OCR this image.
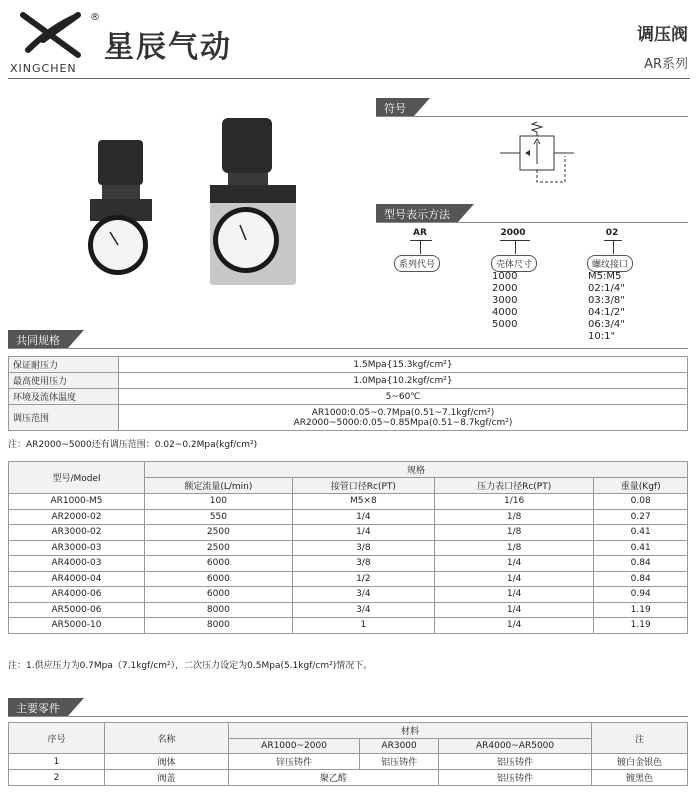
®
XINGCHEN
星辰气动	调压阀
AR系列
符号
型号表示方法
AR
系列代号
2000
壳体尺寸
1000
2000
3000
4000
5000
02
螺纹接口
M5:M5
02:1/4"
03:3/8"
04:1/2"
06:3/4"
10:1"
共同规格
保证耐压力	1.5Mpa{15.3kgf/cm²}
最高使用压力	1.0Mpa{10.2kgf/cm²}
环境及流体温度	5~60℃
调压范围	AR1000:0.05~0.7Mpa(0.51~7.1kgf/cm²)
AR2000~5000:0.05~0.85Mpa(0.51~8.7kgf/cm²)
注：AR2000~5000还有调压范围：0.02~0.2Mpa(kgf/cm²)
型号/Model	规格			
	额定流量(L/min)	接管口径Rc(PT)	压力表口径Rc(PT)	重量(Kgf)
AR1000-M5	100	M5×8	1/16	0.08
AR2000-02	550	1/4	1/8	0.27
AR3000-02	2500	1/4	1/8	0.41
AR3000-03	2500	3/8	1/8	0.41
AR4000-03	6000	3/8	1/4	0.84
AR4000-04	6000	1/2	1/4	0.84
AR4000-06	6000	3/4	1/4	0.94
AR5000-06	8000	3/4	1/4	1.19
AR5000-10	8000	1	1/4	1.19
注：1.供应压力为0.7Mpa（7.1kgf/cm²），二次压力设定为0.5Mpa(5.1kgf/cm²)情况下。
主要零件
序号	名称	材料			注
		AR1000~2000	AR3000	AR4000~AR5000	
1	阀体	锌压铸件	铝压铸件	铝压铸件	镀白金银色
2	阀盖	聚乙醛		铝压铸件	镀黑色
